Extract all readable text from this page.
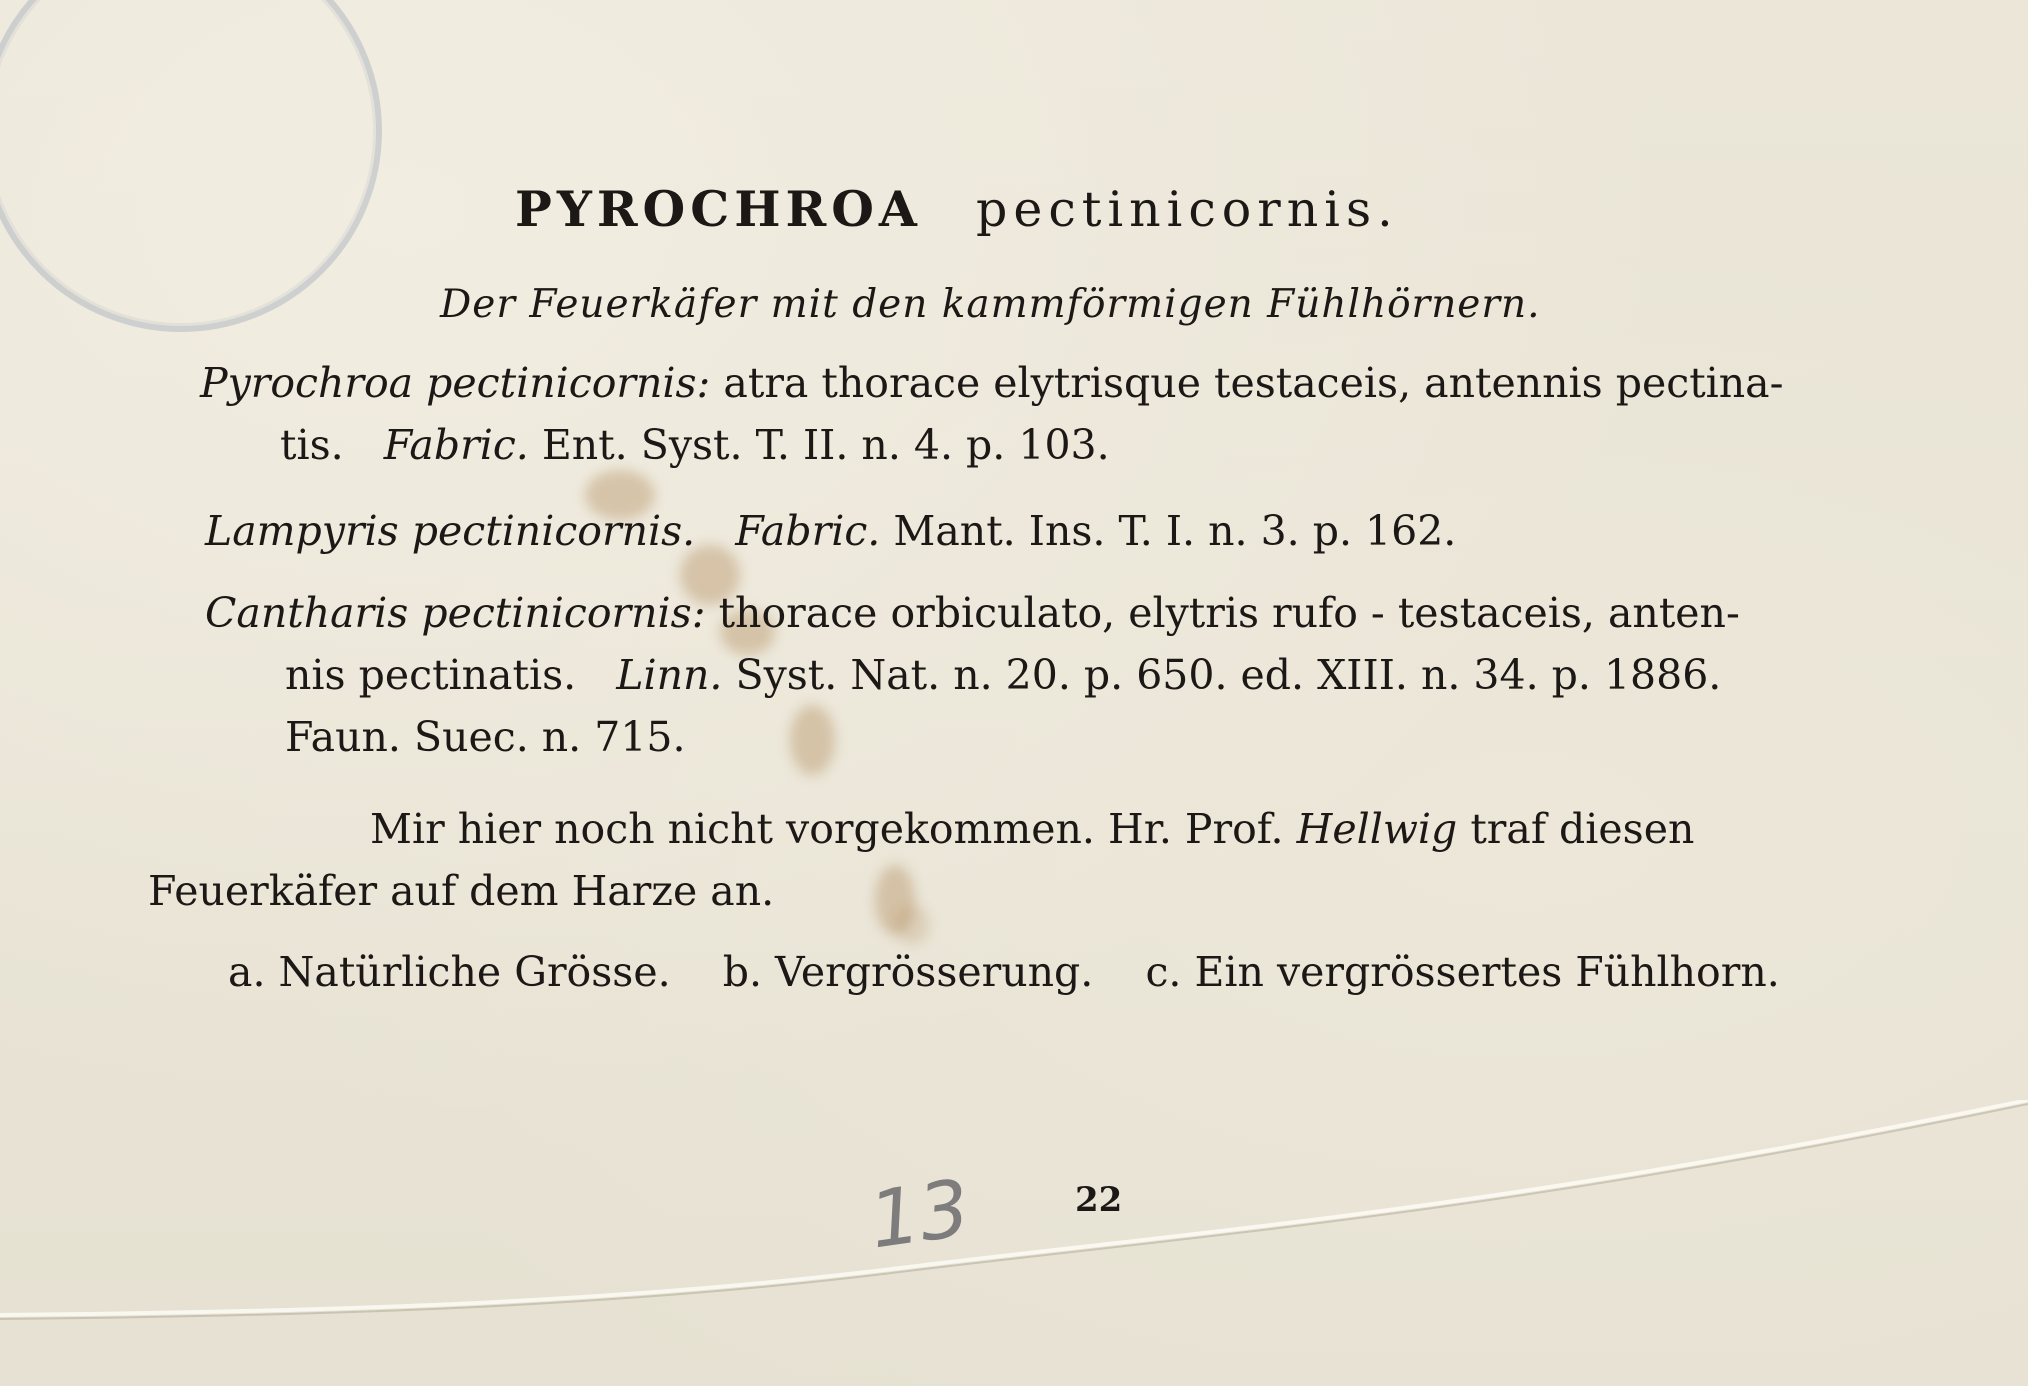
PYROCHROA pectinicornis.
Der Feuerkäfer mit den kammförmigen Fühlhörnern.
Pyrochroa pectinicornis: atra thorace elytrisque testaceis, antennis pectina-
tis. Fabric. Ent. Syst. T. II. n. 4. p. 103.
Lampyris pectinicornis. Fabric. Mant. Ins. T. I. n. 3. p. 162.
Cantharis pectinicornis: thorace orbiculato, elytris rufo - testaceis, anten-
nis pectinatis. Linn. Syst. Nat. n. 20. p. 650. ed. XIII. n. 34. p. 1886.
Faun. Suec. n. 715.
Mir hier noch nicht vorgekommen. Hr. Prof. Hellwig traf diesen
Feuerkäfer auf dem Harze an.
a. Natürliche Grösse.    b. Vergrösserung.    c. Ein vergrössertes Fühlhorn.
13	22
